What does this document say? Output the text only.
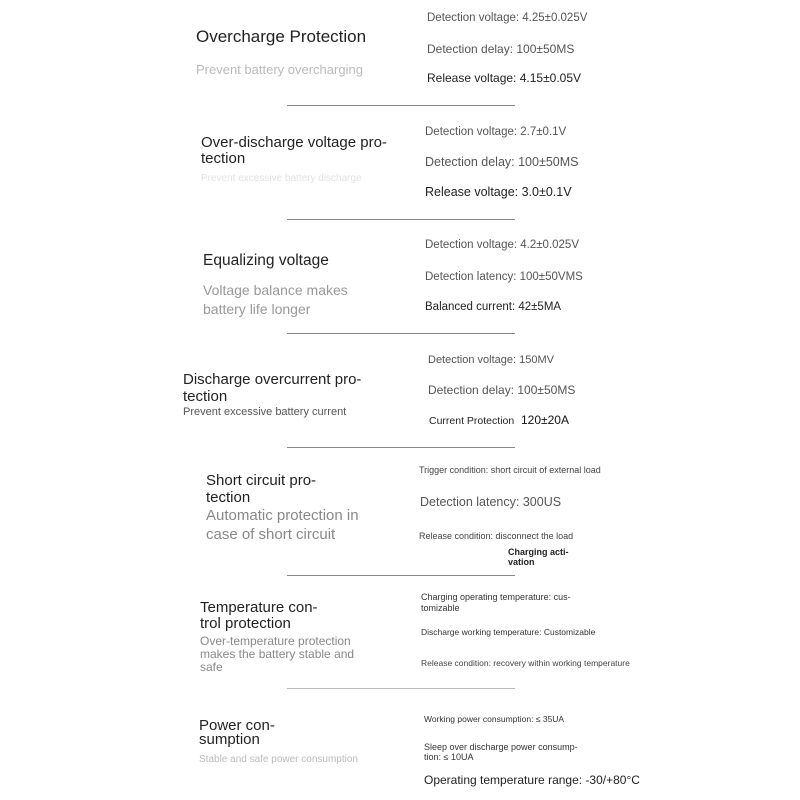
Overcharge Protection
Prevent battery overcharging
Detection voltage: 4.25±0.025V
Detection delay: 100±50MS
Release voltage: 4.15±0.05V
Over-discharge voltage pro-
tection
Prevent excessive battery discharge
Detection voltage: 2.7±0.1V
Detection delay: 100±50MS
Release voltage: 3.0±0.1V
Equalizing voltage
Voltage balance makes
battery life longer
Detection voltage: 4.2±0.025V
Detection latency: 100±50VMS
Balanced current: 42±5MA
Discharge overcurrent pro-
tection
Prevent excessive battery current
Detection voltage: 150MV
Detection delay: 100±50MS
Current Protection 120±20A
Short circuit pro-
tection
Automatic protection in
case of short circuit
Trigger condition: short circuit of external load
Detection latency: 300US
Release condition: disconnect the load
Charging acti-
vation
Temperature con-
trol protection
Over-temperature protection
makes the battery stable and
safe
Charging operating temperature: cus-
tomizable
Discharge working temperature: Customizable
Release condition: recovery within working temperature
Power con-
sumption
Stable and safe power consumption
Working power consumption: ≤ 35UA
Sleep over discharge power consump-
tion: ≤ 10UA
Operating temperature range: -30/+80°C
